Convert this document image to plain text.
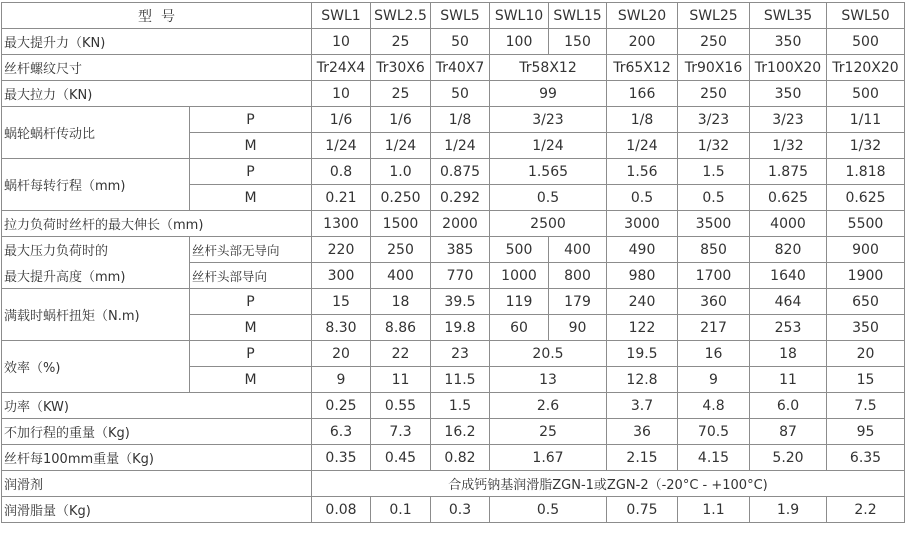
型  号		SWL1	SWL2.5	SWL5	SWL10	SWL15	SWL20	SWL25	SWL35	SWL50
最大提升力（KN)		10	25	50	100	150	200	250	350	500
丝杆螺纹尺寸		Tr24X4	Tr30X6	Tr40X7	Tr58X12		Tr65X12	Tr90X16	Tr100X20	Tr120X20
最大拉力（KN)		10	25	50	99		166	250	350	500
蜗轮蜗杆传动比	P	1/6	1/6	1/8	3/23		1/8	3/23	3/23	1/11
	M	1/24	1/24	1/24	1/24		1/24	1/32	1/32	1/32
蜗杆每转行程（mm)	P	0.8	1.0	0.875	1.565		1.56	1.5	1.875	1.818
	M	0.21	0.250	0.292	0.5		0.5	0.5	0.625	0.625
拉力负荷时丝杆的最大伸长（mm)		1300	1500	2000	2500		3000	3500	4000	5500
最大压力负荷时的	丝杆头部无导向	220	250	385	500	400	490	850	820	900
最大提升高度（mm)	丝杆头部导向	300	400	770	1000	800	980	1700	1640	1900
满载时蜗杆扭矩（N.m)	P	15	18	39.5	119	179	240	360	464	650
	M	8.30	8.86	19.8	60	90	122	217	253	350
效率（%)	P	20	22	23	20.5		19.5	16	18	20
	M	9	11	11.5	13		12.8	9	11	15
功率（KW)		0.25	0.55	1.5	2.6		3.7	4.8	6.0	7.5
不加行程的重量（Kg)		6.3	7.3	16.2	25		36	70.5	87	95
丝杆每100mm重量（Kg)		0.35	0.45	0.82	1.67		2.15	4.15	5.20	6.35
润滑剂		合成钙钠基润滑脂ZGN-1或ZGN-2（-20°C - +100°C)								
润滑脂量（Kg)		0.08	0.1	0.3	0.5		0.75	1.1	1.9	2.2
